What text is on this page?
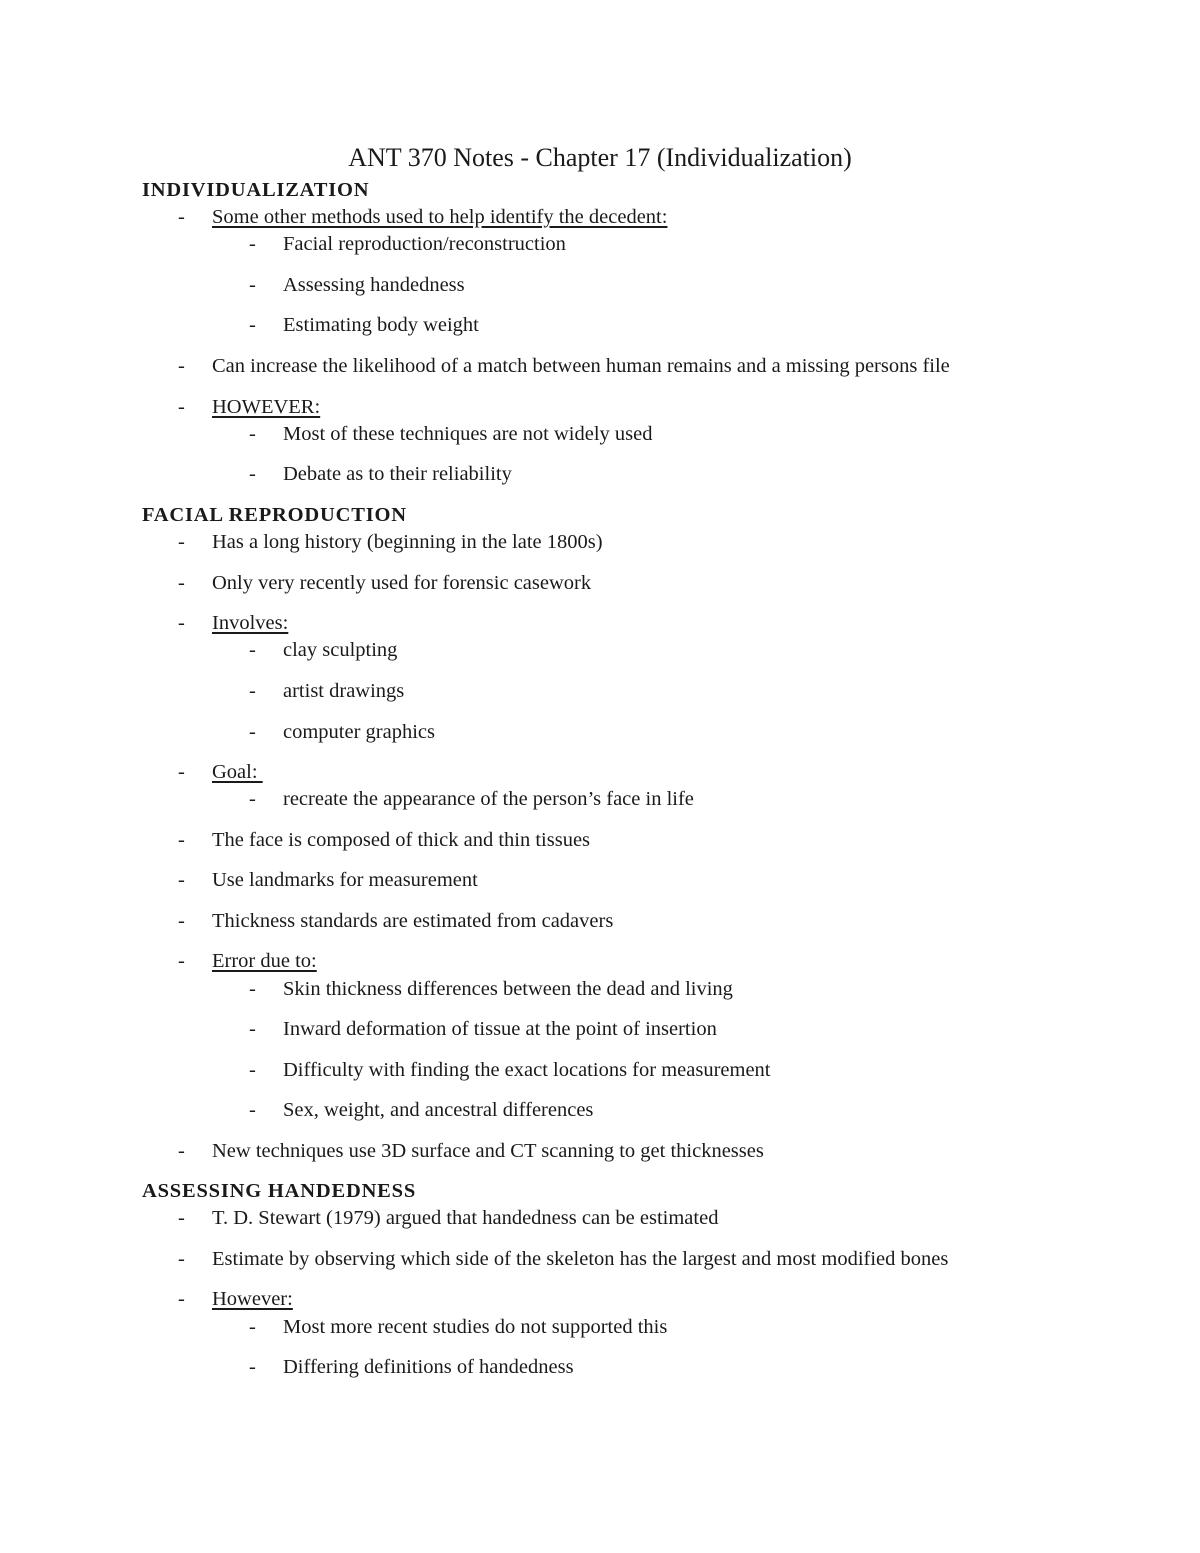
ANT 370 Notes - Chapter 17 (Individualization)
INDIVIDUALIZATION
- Some other methods used to help identify the decedent:
- Facial reproduction/reconstruction
- Assessing handedness
- Estimating body weight
- Can increase the likelihood of a match between human remains and a missing persons file
- HOWEVER:
- Most of these techniques are not widely used
- Debate as to their reliability
FACIAL REPRODUCTION
- Has a long history (beginning in the late 1800s)
- Only very recently used for forensic casework
- Involves:
- clay sculpting
- artist drawings
- computer graphics
- Goal:
- recreate the appearance of the person’s face in life
- The face is composed of thick and thin tissues
- Use landmarks for measurement
- Thickness standards are estimated from cadavers
- Error due to:
- Skin thickness differences between the dead and living
- Inward deformation of tissue at the point of insertion
- Difficulty with finding the exact locations for measurement
- Sex, weight, and ancestral differences
- New techniques use 3D surface and CT scanning to get thicknesses
ASSESSING HANDEDNESS
- T. D. Stewart (1979) argued that handedness can be estimated
- Estimate by observing which side of the skeleton has the largest and most modified bones
- However:
- Most more recent studies do not supported this
- Differing definitions of handedness
